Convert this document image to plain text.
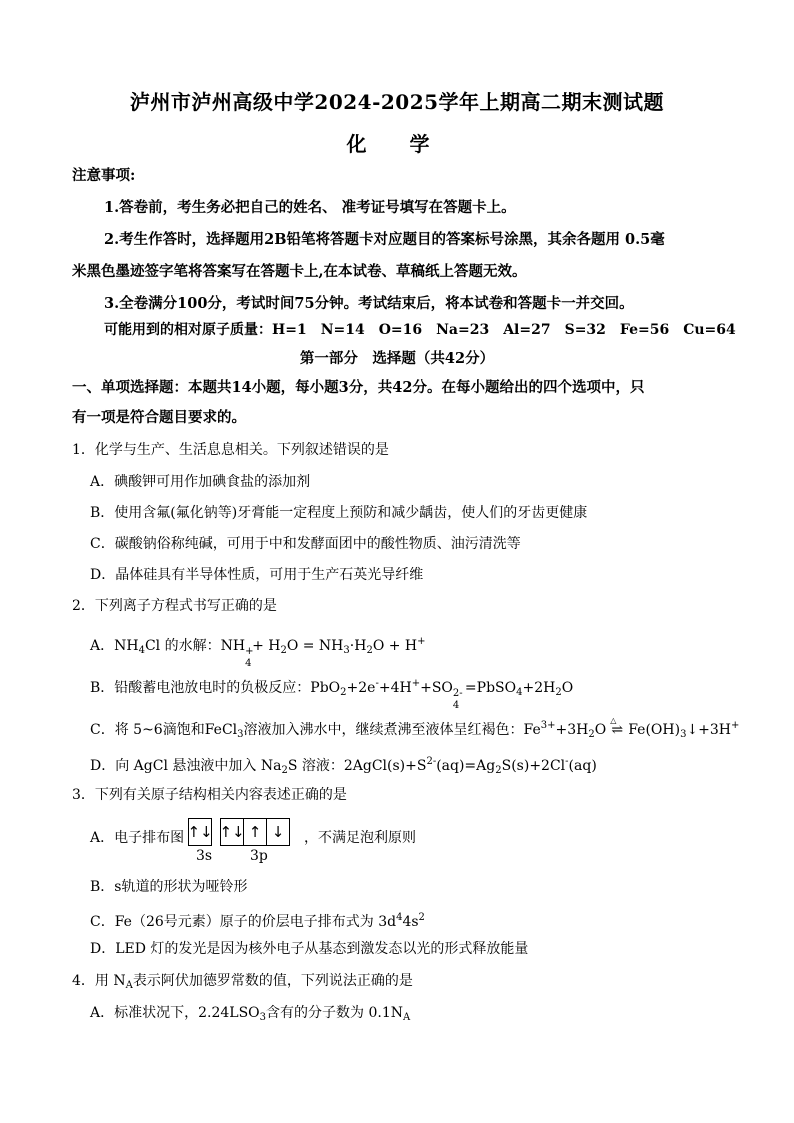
泸州市泸州高级中学2024-2025学年上期高二期末测试题
化 学
注意事项:
1.答卷前，考生务必把自己的姓名、 准考证号填写在答题卡上。
2.考生作答时，选择题用2B铅笔将答题卡对应题目的答案标号涂黑，其余各题用 0.5毫
米黑色墨迹签字笔将答案写在答题卡上,在本试卷、草稿纸上答题无效。
3.全卷满分100分，考试时间75分钟。考试结束后，将本试卷和答题卡一并交回。
可能用到的相对原子质量：H=1　N=14　O=16　Na=23　Al=27　S=32　Fe=56　Cu=64
第一部分　选择题（共42分）
一、单项选择题：本题共14小题，每小题3分，共42分。在每小题给出的四个选项中，只
有一项是符合题目要求的。
1．化学与生产、生活息息相关。下列叙述错误的是
A．碘酸钾可用作加碘食盐的添加剂
B．使用含氟(氟化钠等)牙膏能一定程度上预防和减少龋齿，使人们的牙齿更健康
C．碳酸钠俗称纯碱，可用于中和发酵面团中的酸性物质、油污清洗等
D．晶体硅具有半导体性质，可用于生产石英光导纤维
2．下列离子方程式书写正确的是
A．$NH_4Cl$ 的水解：NH +
4
+ $H_2O = NH_3\cdot H_2O + H^+$
B．铅酸蓄电池放电时的负极反应：PbO$_2$+2e-+4H++SO 2-
4
$=PbSO_4+2H_2O$
C．将 5~6滴饱和FeCl$_3$溶液加入沸水中，继续煮沸至液体呈红褐色：$Fe^{3+}+3H_2O$
△
⇌ $Fe(OH)_3↓+3H^+$
D．向 AgCl 悬浊液中加入 $Na_2S$ 溶液：$2AgCl(s)+S^{2-}(aq)=Ag_2S(s)+2Cl^-(aq)$
3．下列有关原子结构相关内容表述正确的是
A．电子排布图 ↑↓ ↑↓ ↑ ↓
3s	3p
，不满足泡利原则
B．s轨道的形状为哑铃形
C．Fe（26号元素）原子的价层电子排布式为 $3d^44s^2$
D．LED 灯的发光是因为核外电子从基态到激发态以光的形式释放能量
4．用 $N_A$表示阿伏加德罗常数的值，下列说法正确的是
A．标准状况下，$2.24LSO_3$含有的分子数为 $0.1N_A$
